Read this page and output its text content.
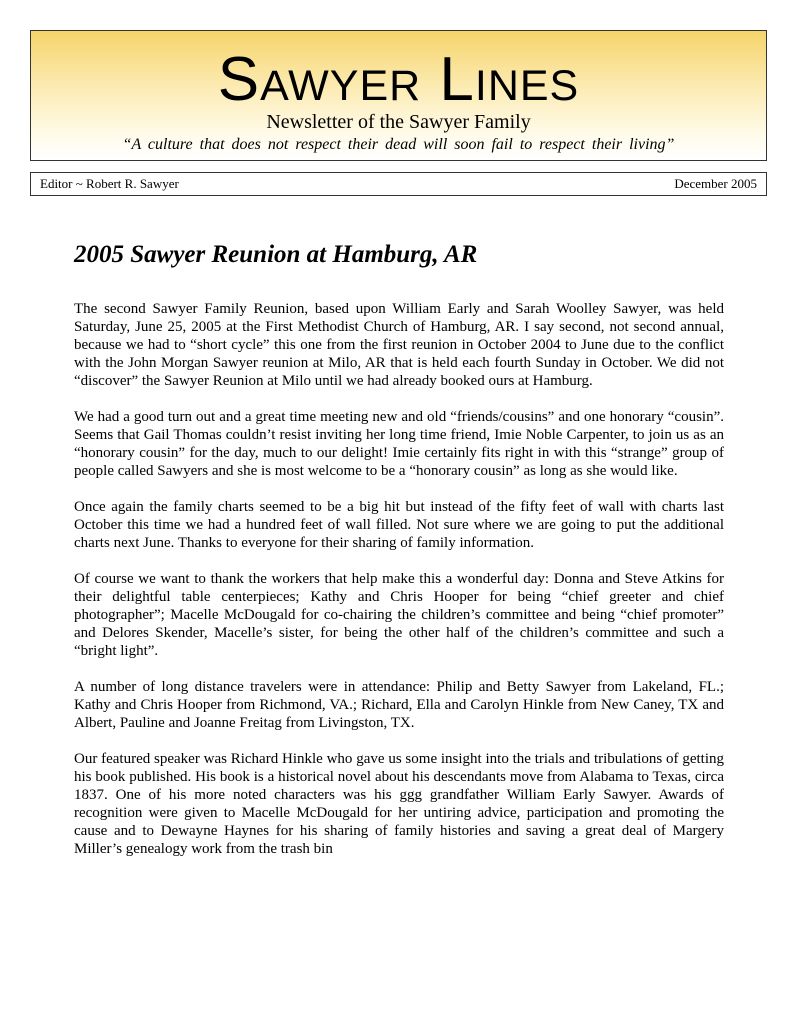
Sawyer Lines
Newsletter of the Sawyer Family
“A culture that does not respect their dead will soon fail to respect their living”
Editor ~ Robert R. Sawyer	December 2005
2005 Sawyer Reunion at Hamburg, AR

The second Sawyer Family Reunion, based upon William Early and Sarah Woolley Sawyer, was held Saturday, June 25, 2005 at the First Methodist Church of Hamburg, AR. I say second, not second annual, because we had to “short cycle” this one from the first reunion in October 2004 to June due to the conflict with the John Morgan Sawyer reunion at Milo, AR that is held each fourth Sunday in October. We did not “discover” the Sawyer Reunion at Milo until we had already booked ours at Hamburg.

We had a good turn out and a great time meeting new and old “friends/cousins” and one honorary “cousin”. Seems that Gail Thomas couldn’t resist inviting her long time friend, Imie Noble Carpenter, to join us as an “honorary cousin” for the day, much to our delight! Imie certainly fits right in with this “strange” group of people called Sawyers and she is most welcome to be a “honorary cousin” as long as she would like.

Once again the family charts seemed to be a big hit but instead of the fifty feet of wall with charts last October this time we had a hundred feet of wall filled. Not sure where we are going to put the additional charts next June. Thanks to everyone for their sharing of family information.

Of course we want to thank the workers that help make this a wonderful day: Donna and Steve Atkins for their delightful table centerpieces; Kathy and Chris Hooper for being “chief greeter and chief photographer”; Macelle McDougald for co-chairing the children’s committee and being “chief promoter” and Delores Skender, Macelle’s sister, for being the other half of the children’s committee and such a “bright light”.

A number of long distance travelers were in attendance: Philip and Betty Sawyer from Lakeland, FL.; Kathy and Chris Hooper from Richmond, VA.; Richard, Ella and Carolyn Hinkle from New Caney, TX and Albert, Pauline and Joanne Freitag from Livingston, TX.

Our featured speaker was Richard Hinkle who gave us some insight into the trials and tribulations of getting his book published. His book is a historical novel about his descendants move from Alabama to Texas, circa 1837. One of his more noted characters was his ggg grandfather William Early Sawyer. Awards of recognition were given to Macelle McDougald for her untiring advice, participation and promoting the cause and to Dewayne Haynes for his sharing of family histories and saving a great deal of Margery Miller’s genealogy work from the trash bin
